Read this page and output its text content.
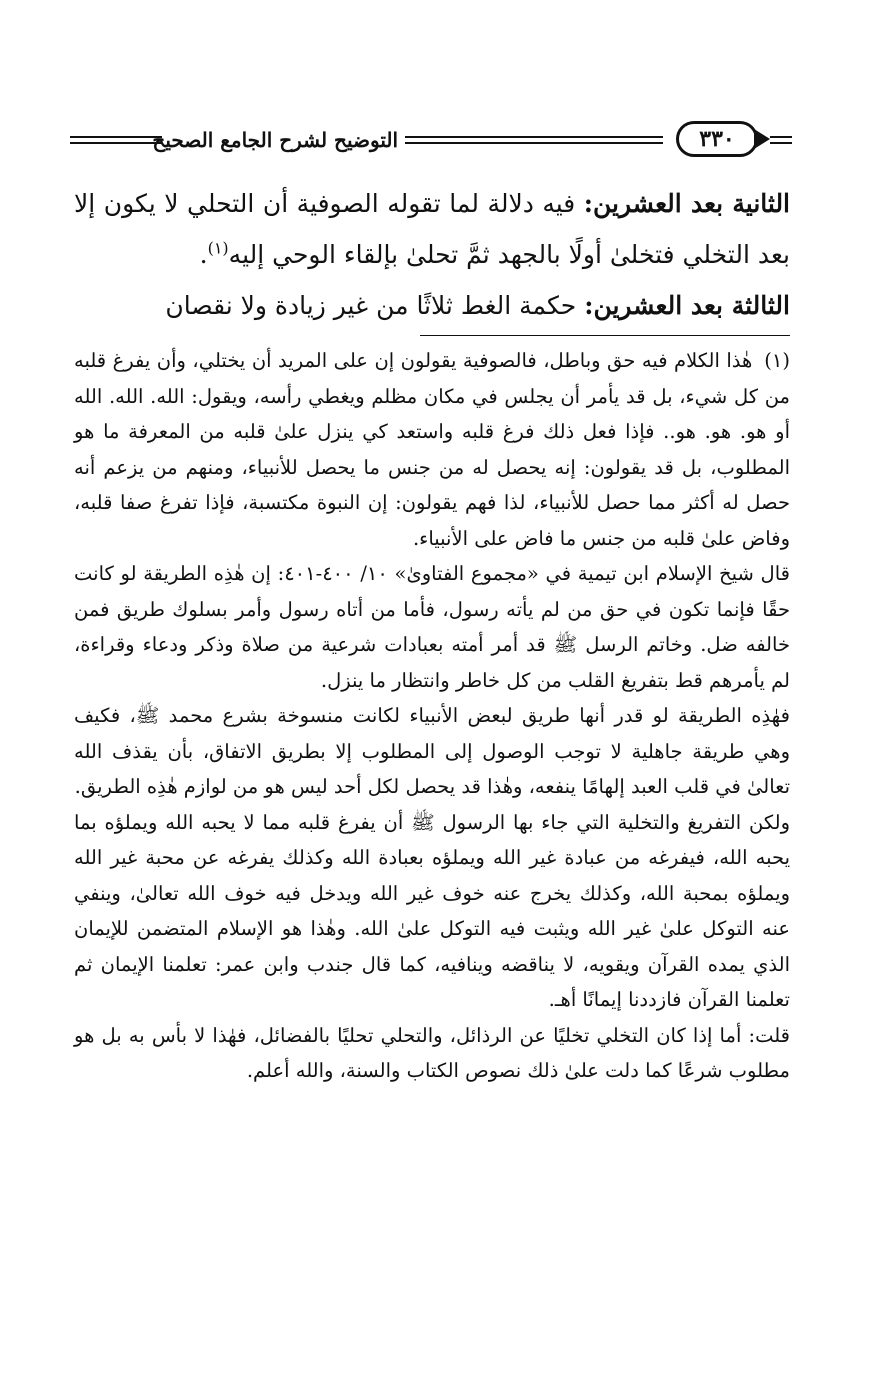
التوضيح لشرح الجامع الصحيح	٣٣٠

الثانية بعد العشرين: فيه دلالة لما تقوله الصوفية أن التحلي لا يكون إلا بعد التخلي فتخلىٰ أولًا بالجهد ثمَّ تحلىٰ بإلقاء الوحي إليه$^{(١)}$.

الثالثة بعد العشرين: حكمة الغط ثلاثًا من غير زيادة ولا نقصان

(١)هٰذا الكلام فيه حق وباطل، فالصوفية يقولون إن على المريد أن يختلي، وأن يفرغ قلبه من كل شيء، بل قد يأمر أن يجلس في مكان مظلم ويغطي رأسه، ويقول: الله. الله. الله أو هو. هو. هو.. فإذا فعل ذلك فرغ قلبه واستعد كي ينزل علىٰ قلبه من المعرفة ما هو المطلوب، بل قد يقولون: إنه يحصل له من جنس ما يحصل للأنبياء، ومنهم من يزعم أنه حصل له أكثر مما حصل للأنبياء، لذا فهم يقولون: إن النبوة مكتسبة، فإذا تفرغ صفا قلبه، وفاض علىٰ قلبه من جنس ما فاض على الأنبياء.

قال شيخ الإسلام ابن تيمية في «مجموع الفتاوىٰ» ١٠/ ٤٠٠-٤٠١: إن هٰذِه الطريقة لو كانت حقًا فإنما تكون في حق من لم يأته رسول، فأما من أتاه رسول وأمر بسلوك طريق فمن خالفه ضل. وخاتم الرسل ﷺ قد أمر أمته بعبادات شرعية من صلاة وذكر ودعاء وقراءة، لم يأمرهم قط بتفريغ القلب من كل خاطر وانتظار ما ينزل.

فهٰذِه الطريقة لو قدر أنها طريق لبعض الأنبياء لكانت منسوخة بشرع محمد ﷺ، فكيف وهي طريقة جاهلية لا توجب الوصول إلى المطلوب إلا بطريق الاتفاق، بأن يقذف الله تعالىٰ في قلب العبد إلهامًا ينفعه، وهٰذا قد يحصل لكل أحد ليس هو من لوازم هٰذِه الطريق.

ولكن التفريغ والتخلية التي جاء بها الرسول ﷺ أن يفرغ قلبه مما لا يحبه الله ويملؤه بما يحبه الله، فيفرغه من عبادة غير الله ويملؤه بعبادة الله وكذلك يفرغه عن محبة غير الله ويملؤه بمحبة الله، وكذلك يخرج عنه خوف غير الله ويدخل فيه خوف الله تعالىٰ، وينفي عنه التوكل علىٰ غير الله ويثبت فيه التوكل علىٰ الله. وهٰذا هو الإسلام المتضمن للإيمان الذي يمده القرآن ويقويه، لا يناقضه وينافيه، كما قال جندب وابن عمر: تعلمنا الإيمان ثم تعلمنا القرآن فازددنا إيمانًا أهـ.

قلت: أما إذا كان التخلي تخليًا عن الرذائل، والتحلي تحليًا بالفضائل، فهٰذا لا بأس به بل هو مطلوب شرعًا كما دلت علىٰ ذلك نصوص الكتاب والسنة، والله أعلم.
